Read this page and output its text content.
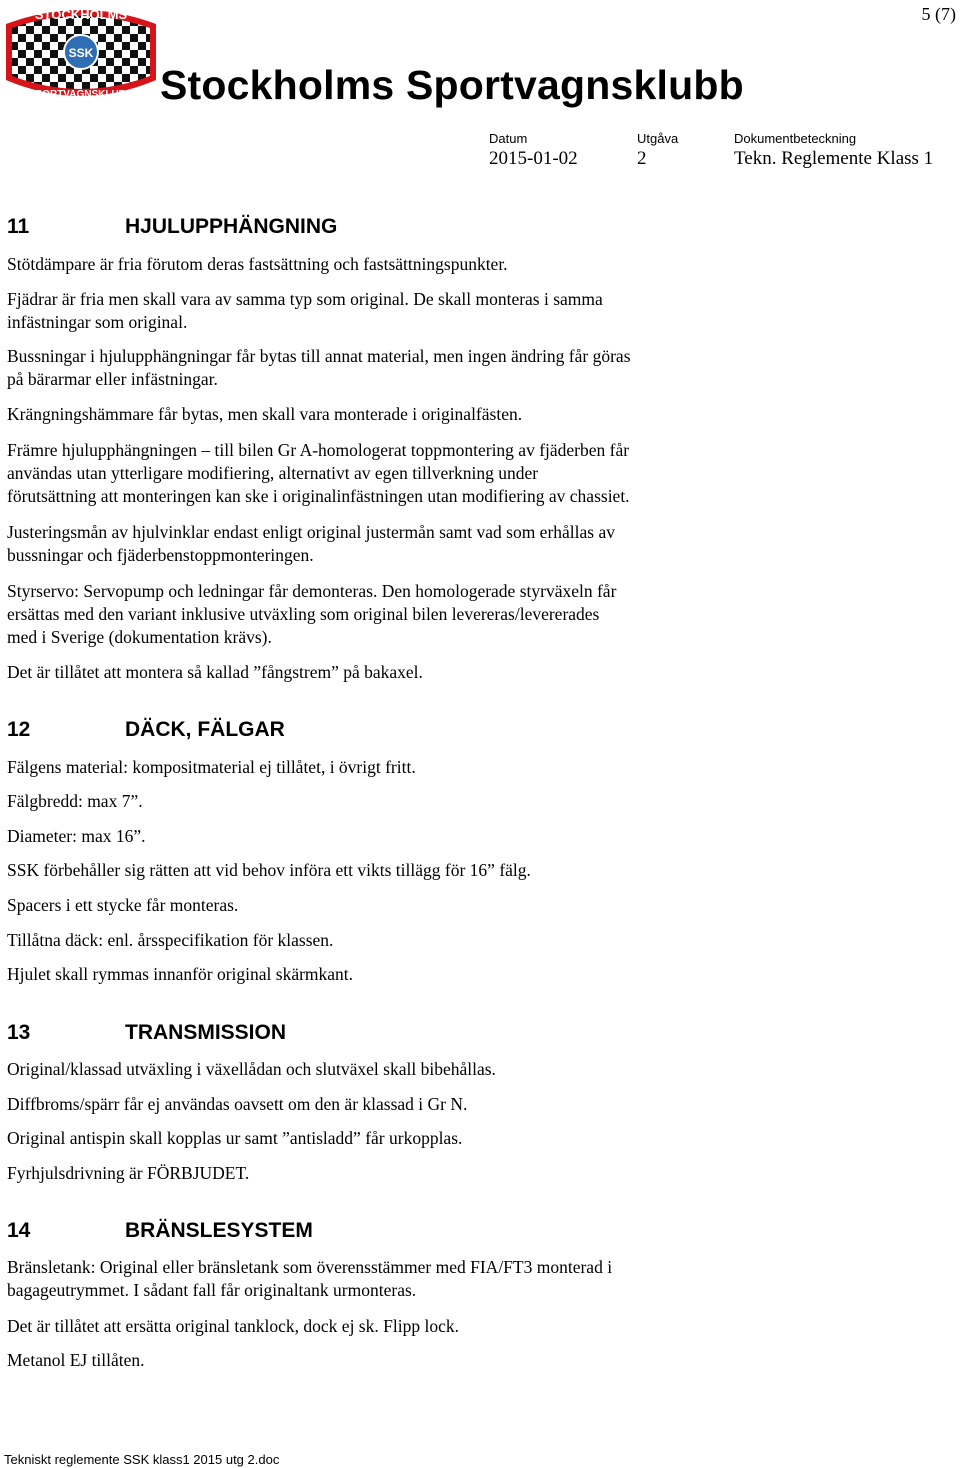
5 (7)
STOCKHOLMS
SSK
SPORTVAGNSKLUBB Stockholms Sportvagnsklubb
Datum
2015-01-02
Utgåva
2
Dokumentbeteckning
Tekn. Reglemente Klass 1
11	HJULUPPHÄNGNING
Stötdämpare är fria förutom deras fastsättning och fastsättningspunkter.
Fjädrar är fria men skall vara av samma typ som original. De skall monteras i samma
infästningar som original.
Bussningar i hjulupphängningar får bytas till annat material, men ingen ändring får göras
på bärarmar eller infästningar.
Krängningshämmare får bytas, men skall vara monterade i originalfästen.
Främre hjulupphängningen – till bilen Gr A-homologerat toppmontering av fjäderben får
användas utan ytterligare modifiering, alternativt av egen tillverkning under
förutsättning att monteringen kan ske i originalinfästningen utan modifiering av chassiet.
Justeringsmån av hjulvinklar endast enligt original justermån samt vad som erhållas av
bussningar och fjäderbenstoppmonteringen.
Styrservo: Servopump och ledningar får demonteras. Den homologerade styrväxeln får
ersättas med den variant inklusive utväxling som original bilen levereras/levererades
med i Sverige (dokumentation krävs).
Det är tillåtet att montera så kallad ”fångstrem” på bakaxel.
12	DÄCK, FÄLGAR
Fälgens material: kompositmaterial ej tillåtet, i övrigt fritt.
Fälgbredd: max 7”.
Diameter: max 16”.
SSK förbehåller sig rätten att vid behov införa ett vikts tillägg för 16” fälg.
Spacers i ett stycke får monteras.
Tillåtna däck: enl. årsspecifikation för klassen.
Hjulet skall rymmas innanför original skärmkant.
13	TRANSMISSION
Original/klassad utväxling i växellådan och slutväxel skall bibehållas.
Diffbroms/spärr får ej användas oavsett om den är klassad i Gr N.
Original antispin skall kopplas ur samt ”antisladd” får urkopplas.
Fyrhjulsdrivning är FÖRBJUDET.
14	BRÄNSLESYSTEM
Bränsletank: Original eller bränsletank som överensstämmer med FIA/FT3 monterad i
bagageutrymmet. I sådant fall får originaltank urmonteras.
Det är tillåtet att ersätta original tanklock, dock ej sk. Flipp lock.
Metanol EJ tillåten.
Tekniskt reglemente SSK klass1 2015 utg 2.doc
